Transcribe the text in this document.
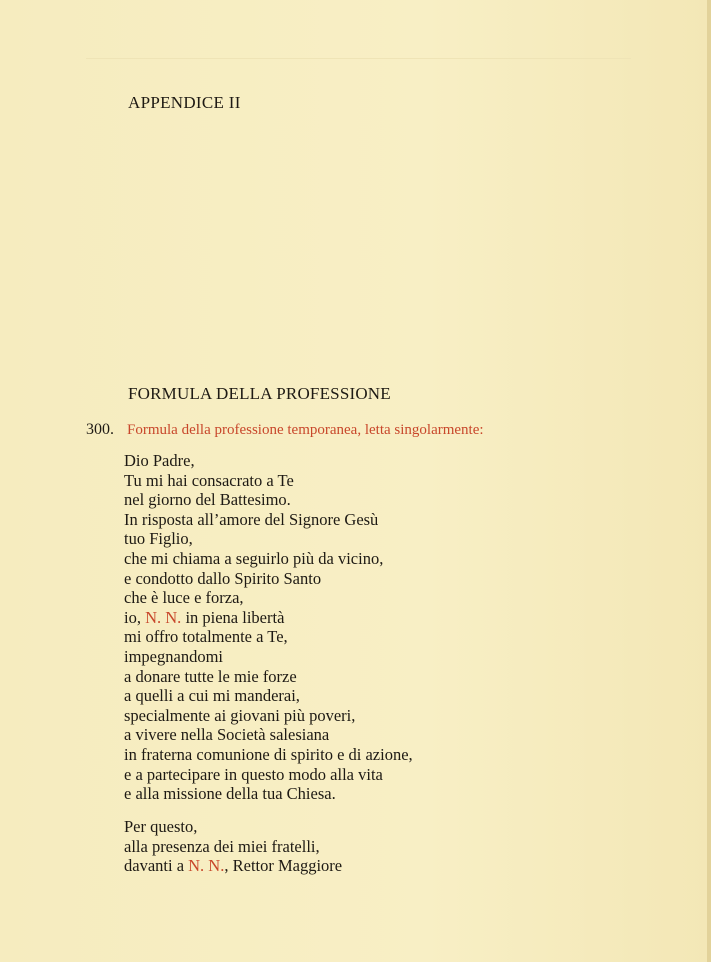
APPENDICE II
FORMULA DELLA PROFESSIONE
300. Formula della professione temporanea, letta singolarmente:
Dio Padre,
Tu mi hai consacrato a Te
nel giorno del Battesimo.
In risposta all’amore del Signore Gesù
tuo Figlio,
che mi chiama a seguirlo più da vicino,
e condotto dallo Spirito Santo
che è luce e forza,
io, N. N. in piena libertà
mi offro totalmente a Te,
impegnandomi
a donare tutte le mie forze
a quelli a cui mi manderai,
specialmente ai giovani più poveri,
a vivere nella Società salesiana
in fraterna comunione di spirito e di azione,
e a partecipare in questo modo alla vita
e alla missione della tua Chiesa.
Per questo,
alla presenza dei miei fratelli,
davanti a N. N., Rettor Maggiore
